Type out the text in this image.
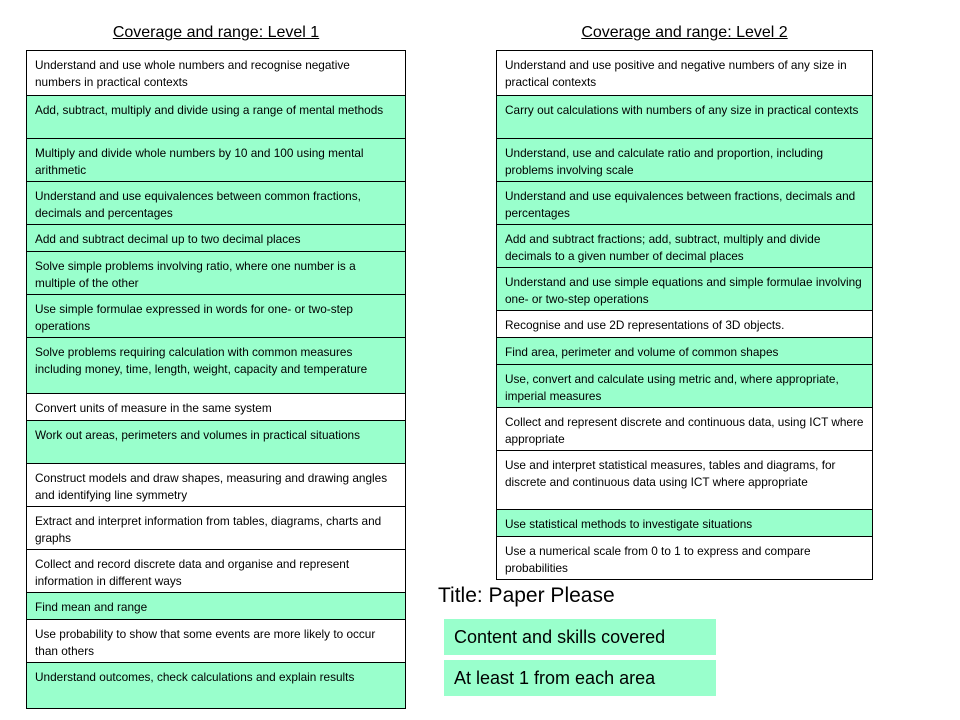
Coverage and range: Level 1	Coverage and range: Level 2
Understand and use whole numbers and recognise negative numbers in practical contexts
Add, subtract, multiply and divide using a range of mental methods
Multiply and divide whole numbers by 10 and 100 using mental arithmetic
Understand and use equivalences between common fractions, decimals and percentages
Add and subtract decimal up to two decimal places
Solve simple problems involving ratio, where one number is a multiple of the other
Use simple formulae expressed in words for one- or two-step operations
Solve problems requiring calculation with common measures including money, time, length, weight, capacity and temperature
Convert units of measure in the same system
Work out areas, perimeters and volumes in practical situations
Construct models and draw shapes, measuring and drawing angles and identifying line symmetry
Extract and interpret information from tables, diagrams, charts and graphs
Collect and record discrete data and organise and represent information in different ways
Find mean and range
Use probability to show that some events are more likely to occur than others
Understand outcomes, check calculations and explain results
Understand and use positive and negative numbers of any size in practical contexts
Carry out calculations with numbers of any size in practical contexts
Understand, use and calculate ratio and proportion, including problems involving scale
Understand and use equivalences between fractions, decimals and percentages
Add and subtract fractions; add, subtract, multiply and divide decimals to a given number of decimal places
Understand and use simple equations and simple formulae involving one- or two-step operations
Recognise and use 2D representations of 3D objects.
Find area, perimeter and volume of common shapes
Use, convert and calculate using metric and, where appropriate, imperial measures
Collect and represent discrete and continuous data, using ICT where appropriate
Use and interpret statistical measures, tables and diagrams, for discrete and continuous data using ICT where appropriate
Use statistical methods to investigate situations
Use a numerical scale from 0 to 1 to express and compare probabilities
Title: Paper Please
Content and skills covered
At least 1 from each area
